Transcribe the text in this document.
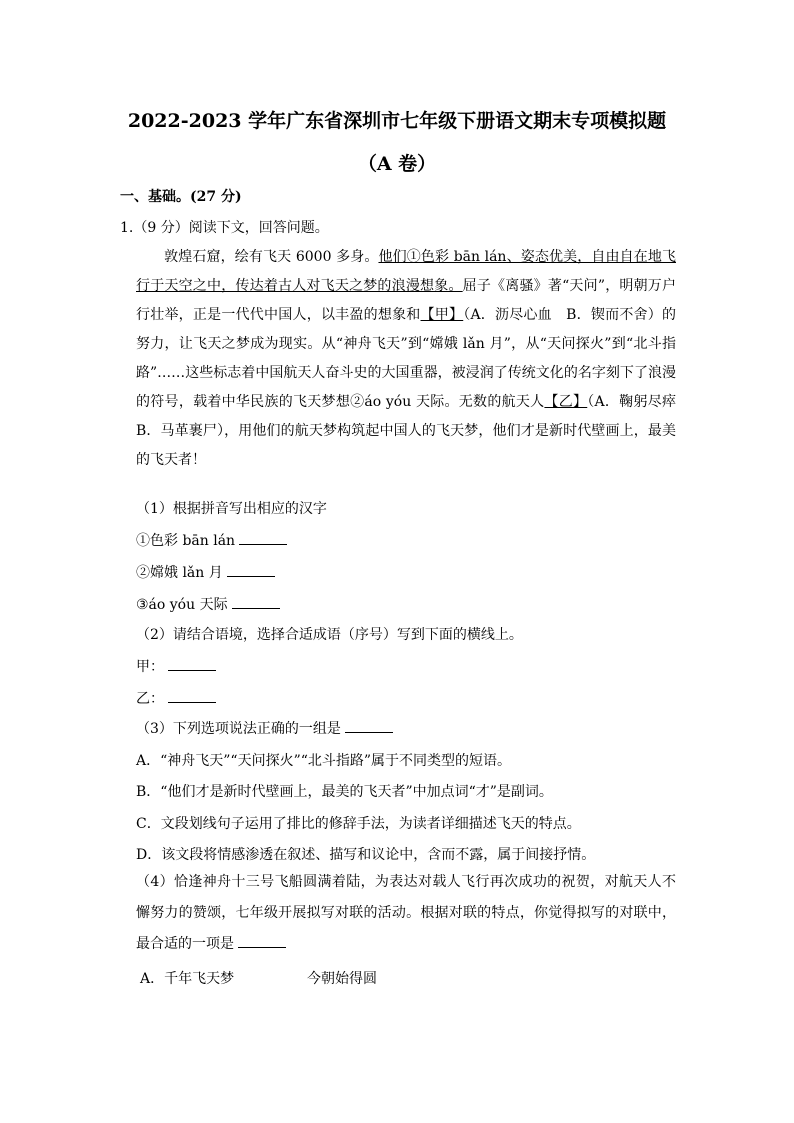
2022-2023 学年广东省深圳市七年级下册语文期末专项模拟题
（A 卷）
一、基础。(27 分)
1.（9 分）阅读下文，回答问题。
敦煌石窟，绘有飞天 6000 多身。他们①色彩 bān lán、姿态优美，自由自在地飞行于天空之中，传达着古人对飞天之梦的浪漫想象。屈子《离骚》著“天问”，明朝万户行壮举，正是一代代中国人，以丰盈的想象和【甲】（A．沥尽心血　B．锲而不舍）的努力，让飞天之梦成为现实。从“神舟飞天”到“嫦娥 lǎn 月”，从“天问探火”到“北斗指路”……这些标志着中国航天人奋斗史的大国重器，被浸润了传统文化的名字刻下了浪漫的符号，载着中华民族的飞天梦想②áo yóu 天际。无数的航天人【乙】（A．鞠躬尽瘁　B．马革裹尸），用他们的航天梦构筑起中国人的飞天梦，他们才是新时代壁画上，最美的飞天者！
（1）根据拼音写出相应的汉字
①色彩 bān lán
②嫦娥 lǎn 月
③áo yóu 天际
（2）请结合语境，选择合适成语（序号）写到下面的横线上。
甲：
乙：
（3）下列选项说法正确的一组是
A．“神舟飞天”“天问探火”“北斗指路”属于不同类型的短语。
B．“他们才是新时代壁画上，最美的飞天者”中加点词“才”是副词。
C．文段划线句子运用了排比的修辞手法，为读者详细描述飞天的特点。
D．该文段将情感渗透在叙述、描写和议论中，含而不露，属于间接抒情。
（4）恰逢神舟十三号飞船圆满着陆，为表达对载人飞行再次成功的祝贺，对航天人不懈努力的赞颂，七年级开展拟写对联的活动。根据对联的特点，你觉得拟写的对联中，最合适的一项是
A．千年飞天梦	今朝始得圆
